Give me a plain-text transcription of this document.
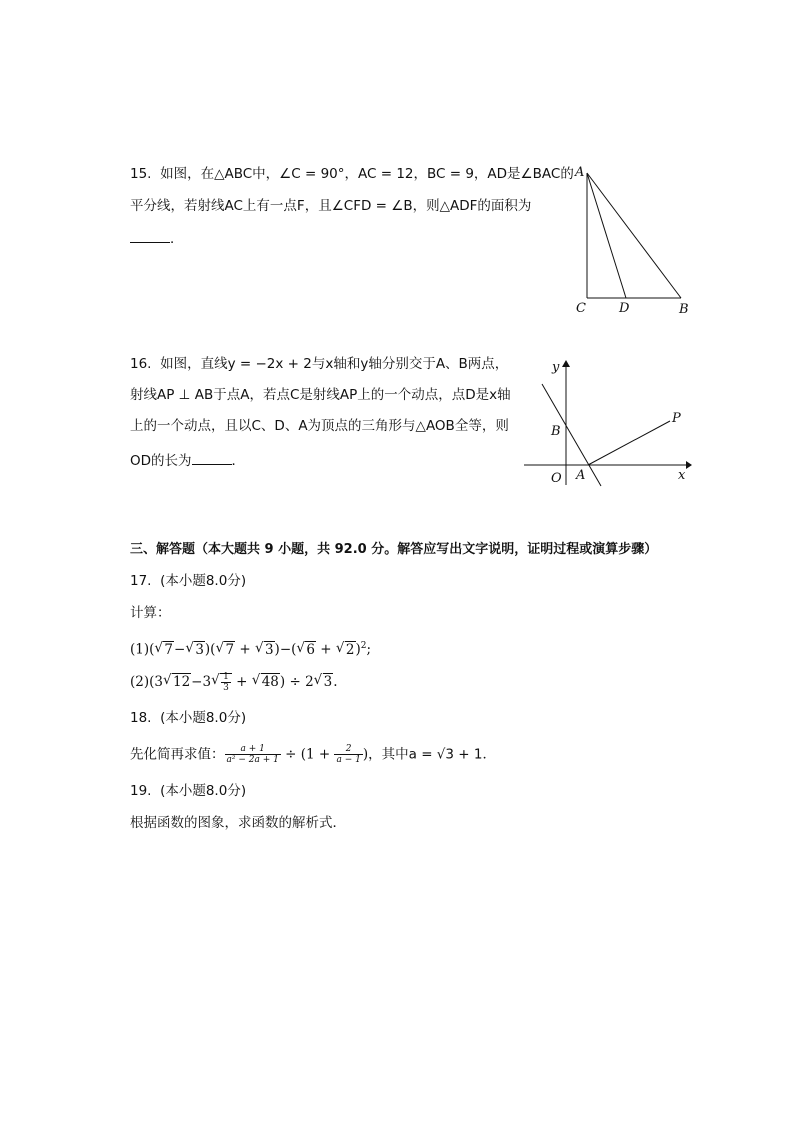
15. 如图，在△ABC中，∠C = 90°，AC = 12，BC = 9，AD是∠BAC的
平分线，若射线AC上有一点F，且∠CFD = ∠B，则△ADF的面积为
．
A
C	D	B
16. 如图，直线y = −2x + 2与x轴和y轴分别交于A、B两点，
射线AP ⊥ AB于点A，若点C是射线AP上的一个动点，点D是x轴
上的一个动点，且以C、D、A为顶点的三角形与△AOB全等，则
OD的长为	．
y
B
P
O A	x
三、解答题（本大题共 9 小题，共 92.0 分。解答应写出文字说明，证明过程或演算步骤）
17. (本小题8.0分)
计算：
(1)( √ 7− √ 3)( √ 7 + √ 3)−( √ 6 + √ 2)$^2$;
(2)(3 √ 12−3 √ $\frac{1}{3}$ + √ 48) ÷ 2 √ 3.
18. (本小题8.0分)
先化简再求值： $\frac{a + 1}{\text{a² − 2a + 1}} \div (1 + \frac{2}{a - 1}$ )，其中a = √3 + 1．
19. (本小题8.0分)
根据函数的图象，求函数的解析式．
